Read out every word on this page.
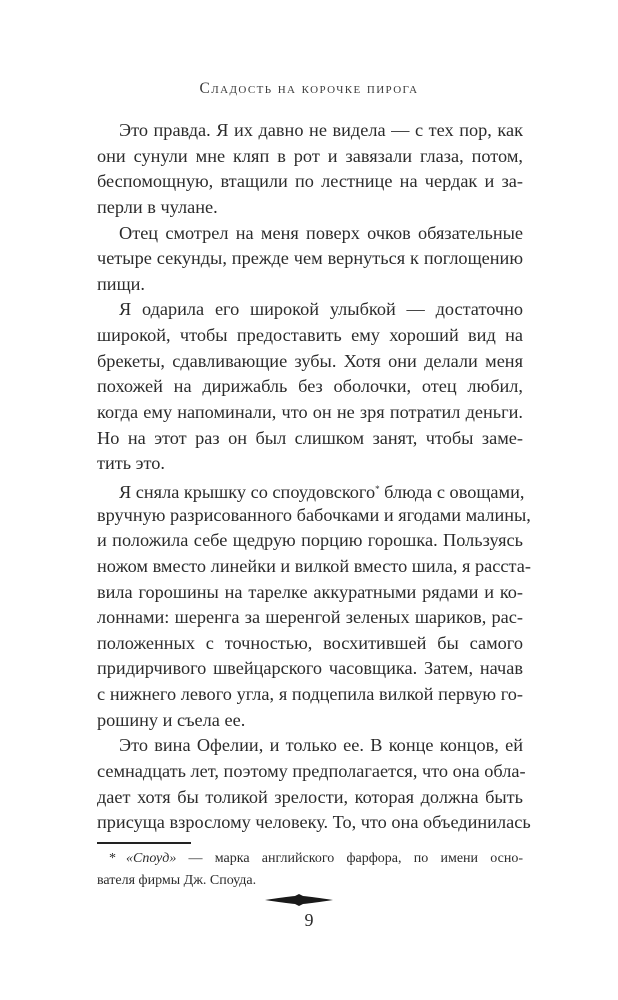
Сладость на корочке пирога
Это правда. Я их давно не видела — с тех пор, как
они сунули мне кляп в рот и завязали глаза, потом,
беспомощную, втащили по лестнице на чердак и за-
перли в чулане.
Отец смотрел на меня поверх очков обязательные
четыре секунды, прежде чем вернуться к поглощению
пищи.
Я одарила его широкой улыбкой — достаточно
широкой, чтобы предоставить ему хороший вид на
брекеты, сдавливающие зубы. Хотя они делали меня
похожей на дирижабль без оболочки, отец любил,
когда ему напоминали, что он не зря потратил деньги.
Но на этот раз он был слишком занят, чтобы заме-
тить это.
Я сняла крышку со споудовского* блюда с овощами,
вручную разрисованного бабочками и ягодами малины,
и положила себе щедрую порцию горошка. Пользуясь
ножом вместо линейки и вилкой вместо шила, я расста-
вила горошины на тарелке аккуратными рядами и ко-
лоннами: шеренга за шеренгой зеленых шариков, рас-
положенных с точностью, восхитившей бы самого
придирчивого швейцарского часовщика. Затем, начав
с нижнего левого угла, я подцепила вилкой первую го-
рошину и съела ее.
Это вина Офелии, и только ее. В конце концов, ей
семнадцать лет, поэтому предполагается, что она обла-
дает хотя бы толикой зрелости, которая должна быть
присуща взрослому человеку. То, что она объединилась
* «Споуд» — марка английского фарфора, по имени осно-
вателя фирмы Дж. Споуда.
9
